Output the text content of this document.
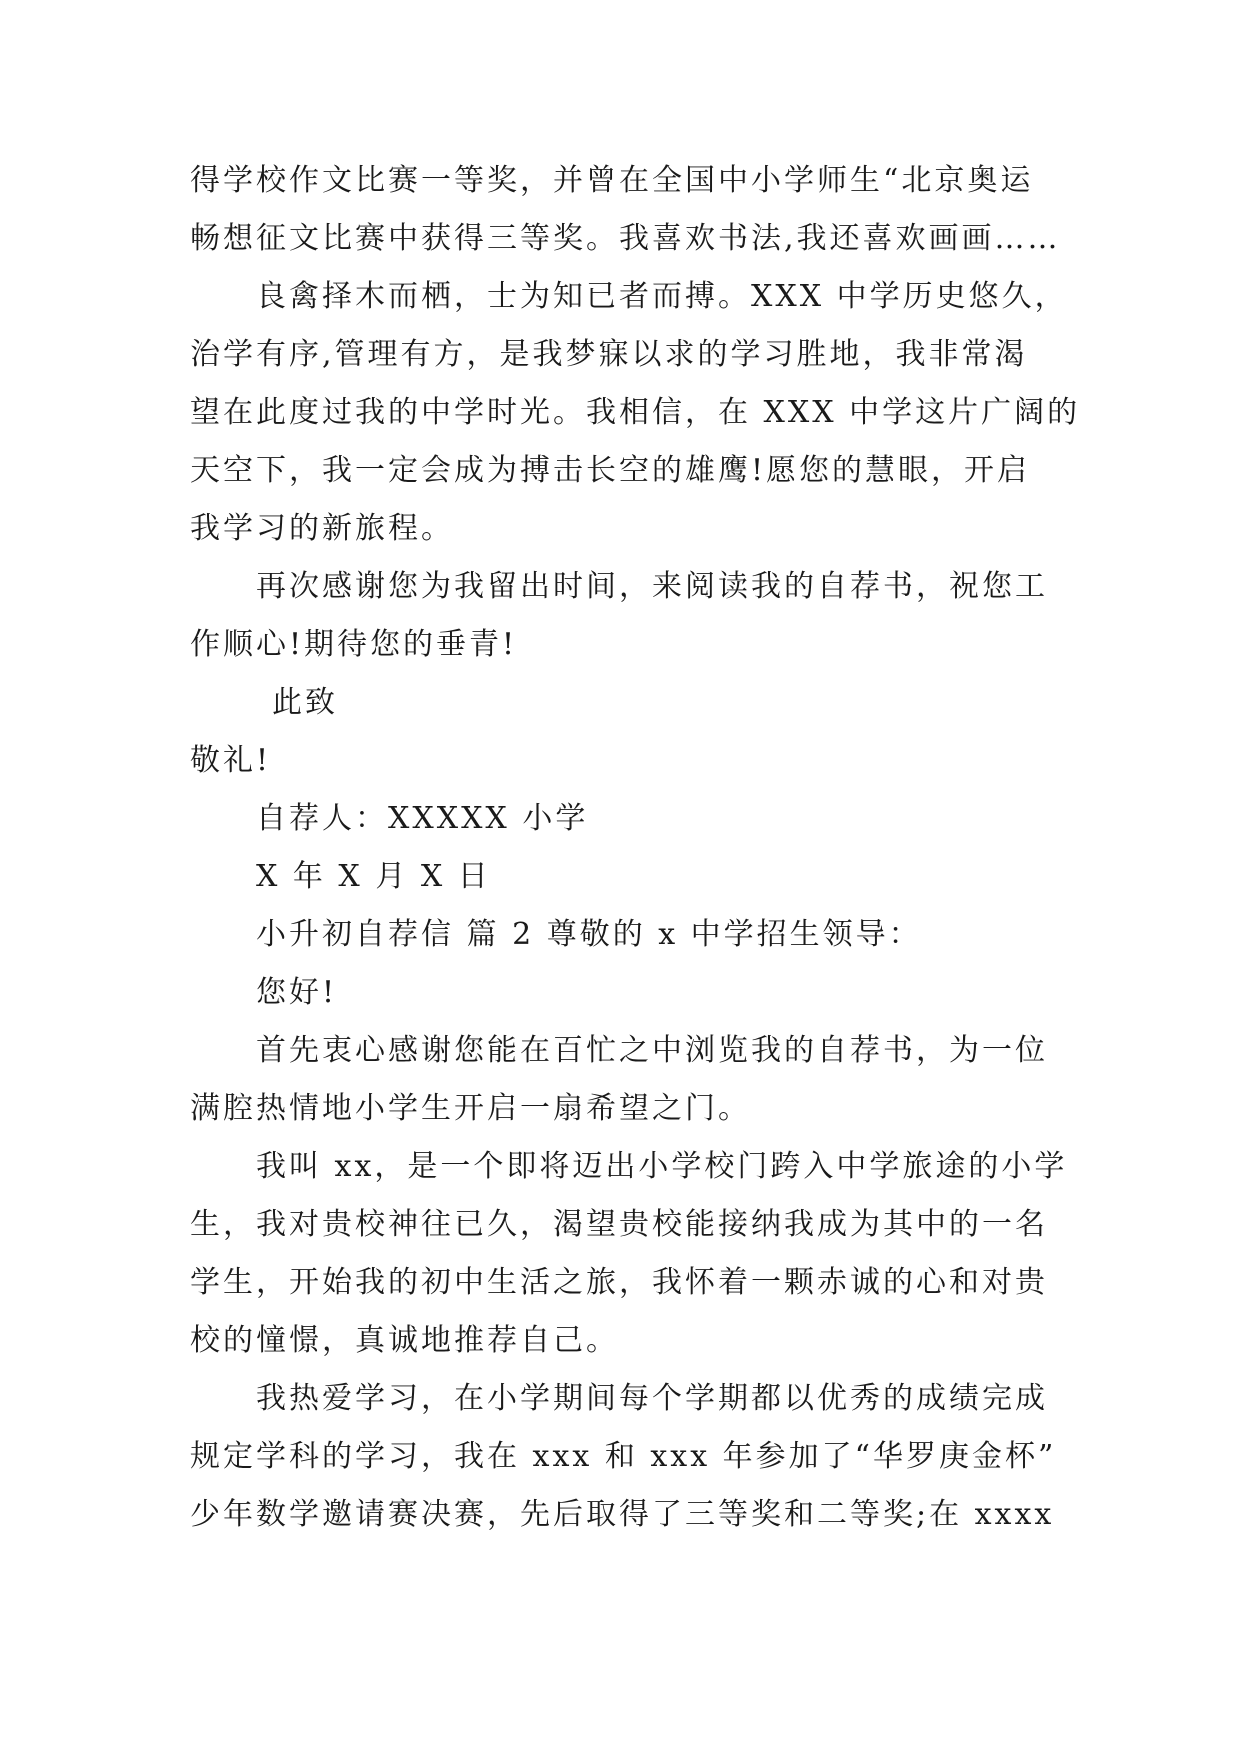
得学校作文比赛一等奖，并曾在全国中小学师生“北京奥运
畅想征文比赛中获得三等奖。我喜欢书法,我还喜欢画画……
良禽择木而栖，士为知已者而搏。XXX 中学历史悠久，
治学有序,管理有方，是我梦寐以求的学习胜地，我非常渴
望在此度过我的中学时光。我相信，在 XXX 中学这片广阔的
天空下，我一定会成为搏击长空的雄鹰!愿您的慧眼，开启
我学习的新旅程。
再次感谢您为我留出时间，来阅读我的自荐书，祝您工
作顺心!期待您的垂青!
此致
敬礼!
自荐人：XXXXX 小学
X 年 X 月 X 日
小升初自荐信 篇 2 尊敬的 x 中学招生领导：
您好!
首先衷心感谢您能在百忙之中浏览我的自荐书，为一位
满腔热情地小学生开启一扇希望之门。
我叫 xx，是一个即将迈出小学校门跨入中学旅途的小学
生，我对贵校神往已久，渴望贵校能接纳我成为其中的一名
学生，开始我的初中生活之旅，我怀着一颗赤诚的心和对贵
校的憧憬，真诚地推荐自己。
我热爱学习，在小学期间每个学期都以优秀的成绩完成
规定学科的学习，我在 xxx 和 xxx 年参加了“华罗庚金杯”
少年数学邀请赛决赛，先后取得了三等奖和二等奖;在 xxxx
